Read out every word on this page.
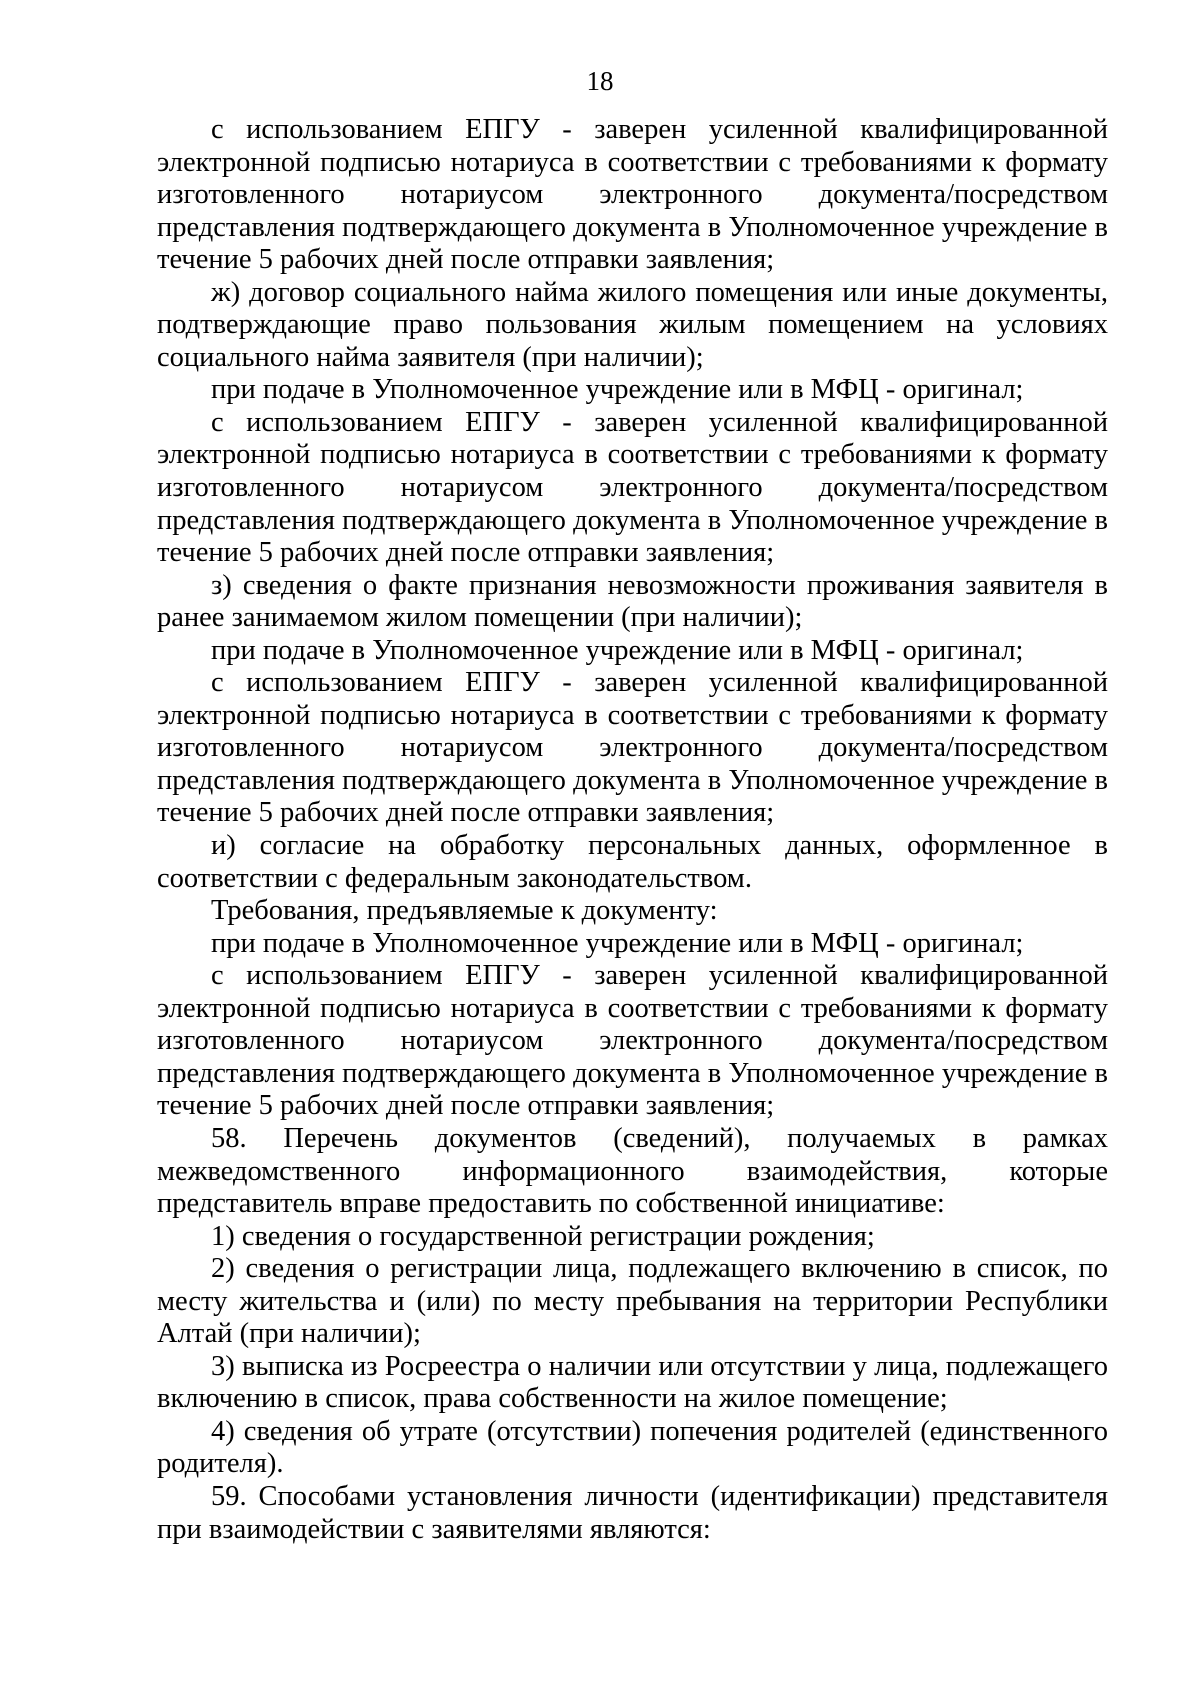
18

с использованием ЕПГУ - заверен усиленной квалифицированной электронной подписью нотариуса в соответствии с требованиями к формату изготовленного нотариусом электронного документа/посредством представления подтверждающего документа в Уполномоченное учреждение в течение 5 рабочих дней после отправки заявления;

ж) договор социального найма жилого помещения или иные документы, подтверждающие право пользования жилым помещением на условиях социального найма заявителя (при наличии);

при подаче в Уполномоченное учреждение или в МФЦ - оригинал;

с использованием ЕПГУ - заверен усиленной квалифицированной электронной подписью нотариуса в соответствии с требованиями к формату изготовленного нотариусом электронного документа/посредством представления подтверждающего документа в Уполномоченное учреждение в течение 5 рабочих дней после отправки заявления;

з) сведения о факте признания невозможности проживания заявителя в ранее занимаемом жилом помещении (при наличии);

при подаче в Уполномоченное учреждение или в МФЦ - оригинал;

с использованием ЕПГУ - заверен усиленной квалифицированной электронной подписью нотариуса в соответствии с требованиями к формату изготовленного нотариусом электронного документа/посредством представления подтверждающего документа в Уполномоченное учреждение в течение 5 рабочих дней после отправки заявления;

и) согласие на обработку персональных данных, оформленное в соответствии с федеральным законодательством.

Требования, предъявляемые к документу:

при подаче в Уполномоченное учреждение или в МФЦ - оригинал;

с использованием ЕПГУ - заверен усиленной квалифицированной электронной подписью нотариуса в соответствии с требованиями к формату изготовленного нотариусом электронного документа/посредством представления подтверждающего документа в Уполномоченное учреждение в течение 5 рабочих дней после отправки заявления;

58. Перечень документов (сведений), получаемых в рамках межведомственного информационного взаимодействия, которые представитель вправе предоставить по собственной инициативе:

1) сведения о государственной регистрации рождения;

2) сведения о регистрации лица, подлежащего включению в список, по месту жительства и (или) по месту пребывания на территории Республики Алтай (при наличии);

3) выписка из Росреестра о наличии или отсутствии у лица, подлежащего включению в список, права собственности на жилое помещение;

4) сведения об утрате (отсутствии) попечения родителей (единственного родителя).

59. Способами установления личности (идентификации) представителя при взаимодействии с заявителями являются:
